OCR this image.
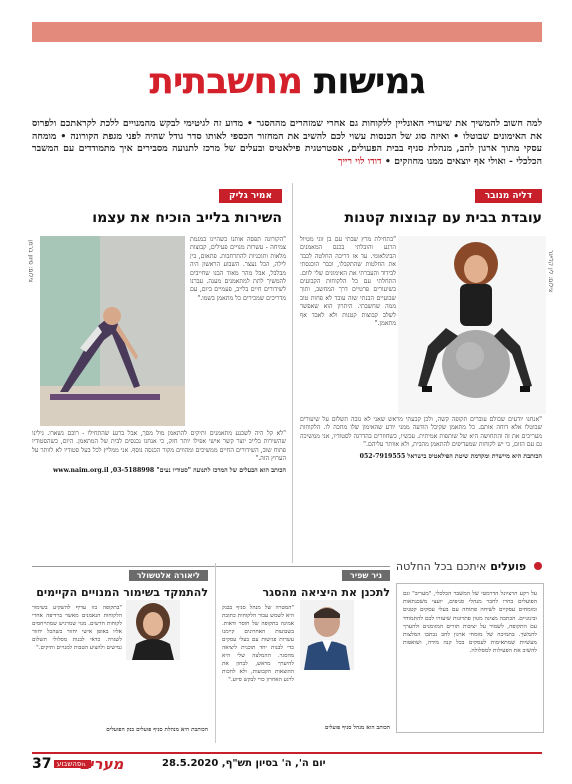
גמישות מחשבתית
למה חשוב להמשיך את שיעורי האונליין ללקוחות גם אחרי שמזהרים מההסגר • מדוע זה לגיטימי לבקש מהמנויים ללכת לקראתכם ולפרוס את האימונים שבוטלו • ואיזה סוג של הכנסות עשוי לכם להשיב את המחזור הכספי לאותו סדר גודל שהיה לפני מגפת הקורונה • מומחה עסקי מתוך ארגון להב, מנהלת סניף בבית הפעולים, אסטרטגית פילאטיס ובעלים של מרכז לתנועה מסבירים איך מתמודדים עם המשבר הכלכלי - ואולי אף יוצאים ממנו מחוזקים • דודו לוי רייך
דליה מנובר
עובדת בבית עם קבוצות קטנות
צילום: לין קליינר
"בתחילת מרץ שבתי עם בן זוגי מטיול הרגע והובלתי בכנס המאמנים הבינלאומי. עד אז דריכה החלטה לכבד את החלטות שהתקבלו, וכבר הוכנסתי לבידוד והעברתי את האימונים שלי לזום. התחלתי עם כל הלקוחות הקבועים בשיעורים פרטיים דרך המחשב, ותוך שבועיים הבנתי שזה עובד לא פחות טוב ממה שחשבתי. היתרון הוא שאפשר לשלב קבוצות קטנות ולא לאבד אף מתאמן."
"אנחנו יודעים שכולם עוברים תקופה קשה, ולכן קבעתי מראש שאני לא גובה תשלום על שיעורים שבוטלו אלא דוחה אותם. כל מתאמן שקיבל הודעה ממני יודע שהאימון שלו מחכה לו. הלקוחות מעריכים את זה והתחושה היא של שותפות אמיתית. עכשיו, כשחוזרים בהדרגה לסטודיו, אני ממשיכה גם עם הזום, כי יש לקוחות שמעדיפים להתאמן מהבית, ולא אוותר עליהם."
הכותבת היא מיישרת ומקדמת שיטת הפילאטיס בישראל 052-7919555
אמיר גליק
השירות בלייב הוכיח את עצמו
צילום: סיוון ברמן
"הקורונה תפסה אותנו כשהיינו במגמת צמיחה - עשרות מנויים פעילים, קבוצות מלאות ותוכניות להתרחבות. פתאום, בין לילה, הכל נעצר. השבוע הראשון היה מבלבל, אבל מהר מאוד הבנו שחייבים להמשיך לתת למתאמנים מענה. עברנו לשידורים חיים בלייב, פעמיים ביום, עם מדריכים שמכירים כל מתאמן בשמו."
"לא קל היה לשכנע מתאמנים ותיקים להתאמן מול מסך, אבל ברגע שהתחילו - רובם נשארו. גילינו שהשירות בלייב יוצר קשר אישי אפילו יותר חזק, כי אנחנו נכנסים לבית של המתאמן. היום, כשהסטודיו פתוח שוב, השידורים החיים ממשיכים ומהווים מקור הכנסה נוסף. אני ממליץ לכל בעל סטודיו לא לוותר על הערוץ הזה."
הכותב הוא הבעלים של המרכז לתנועה "סטודיו נעים" 03-5188998, www.naim.org.il
פועלים איתכם בכל החלטה
על רקע הרציונל הדרמטי של המשבר הכלכלי, "מעריב" וגם הפועלים בחרו לחבר מנהלי סניפים, יועצי משכנתאות ומומחים עסקיים לשיחה פתוחה עם בעלי עסקים קטנים ובינוניים. הכתבה מציגה מגוון פתרונות שיעזרו לכם להתמודד עם התקופה, לשמור על יציבות תזרים המזומנים ולהערך להמשך. בתמיכה של מומחי ארגון להב נכתבו המלצות מעשיות שמתאימות לעסקים בכל קנה מידה, ושואפות להשיב את הפעילות למסלולה.
ניר שפיר
לתכנן את היציאה מהסגר
"המטרה של מנהל סניף בבנק היא לשמש עבור הלקוחות כתובת אמינה בתקופה של חוסר ודאות. בשבועות האחרונים קיימנו עשרות פגישות עם בעלי עסקים כדי לבנות יחד תוכנית ליציאה מהסגר. ההמלצה שלי היא להיערך מראש, לבחון את ההוצאות הקבועות, ולא לחכות לרגע האחרון כדי לבקש סיוע."
הכותב הוא מנהל סניף פועלים
ליאורה אלטשולר
להתמקד בשימור המנויים הקיימים
"בתקופה כזו עדיף להשקיע בשימור הלקוחות הנאמנים מאשר ברדיפה אחרי לקוחות חדשים. מנוי שמרגיש שמתייחסים אליו באופן אישי יחזור כשהכל יחזור לשגרה. כדאי לבנות מסלולי תשלום גמישים ולהציע הטבות למנויים ותיקים."
הכותבת היא מנהלת סניף פועלים בנק הפועלים
37 סופהשבוע
מעריב	יום ה', ה' בסיון תש"ף, 28.5.2020
